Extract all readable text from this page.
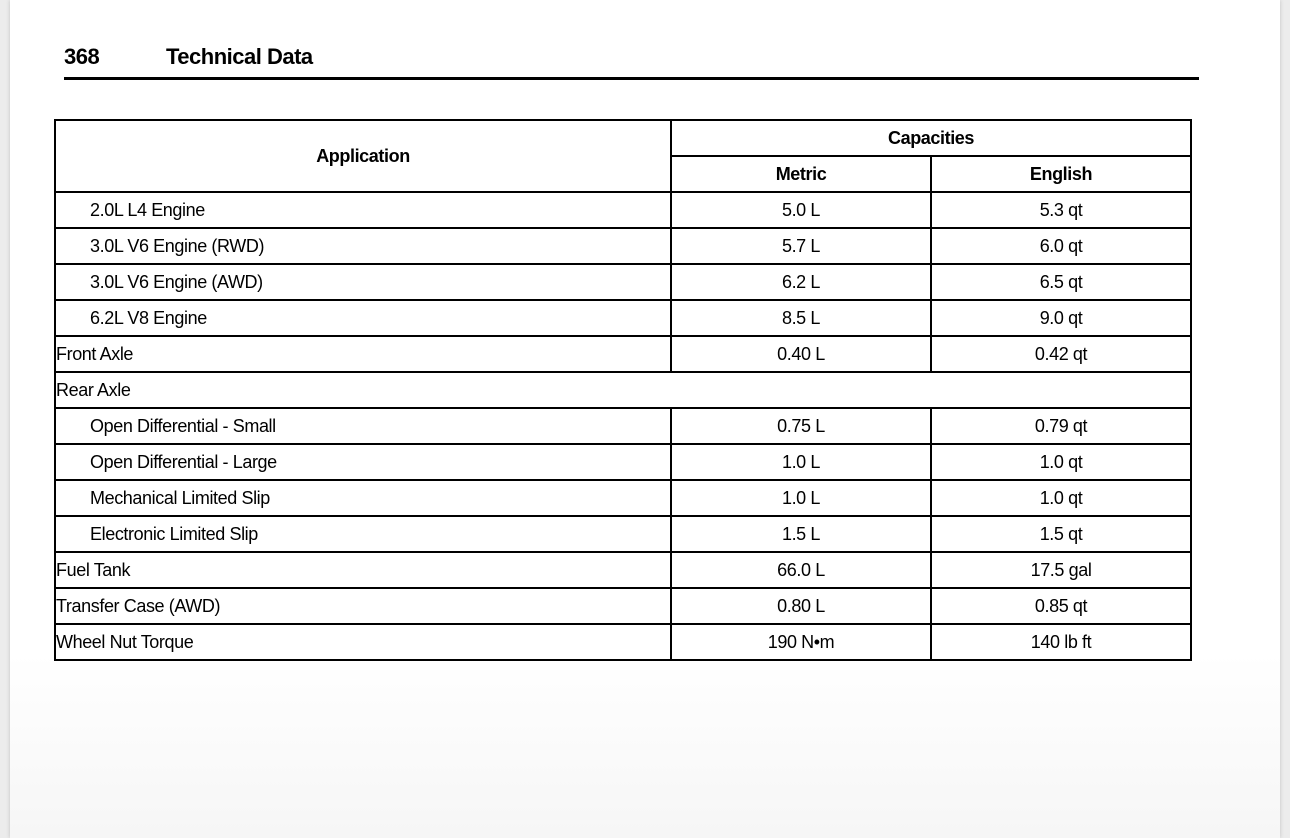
368	Technical Data
Application	Capacities	
	Metric	English
2.0L L4 Engine	5.0 L	5.3 qt
3.0L V6 Engine (RWD)	5.7 L	6.0 qt
3.0L V6 Engine (AWD)	6.2 L	6.5 qt
6.2L V8 Engine	8.5 L	9.0 qt
Front Axle	0.40 L	0.42 qt
Rear Axle		
Open Differential - Small	0.75 L	0.79 qt
Open Differential - Large	1.0 L	1.0 qt
Mechanical Limited Slip	1.0 L	1.0 qt
Electronic Limited Slip	1.5 L	1.5 qt
Fuel Tank	66.0 L	17.5 gal
Transfer Case (AWD)	0.80 L	0.85 qt
Wheel Nut Torque	190 N•m	140 lb ft
